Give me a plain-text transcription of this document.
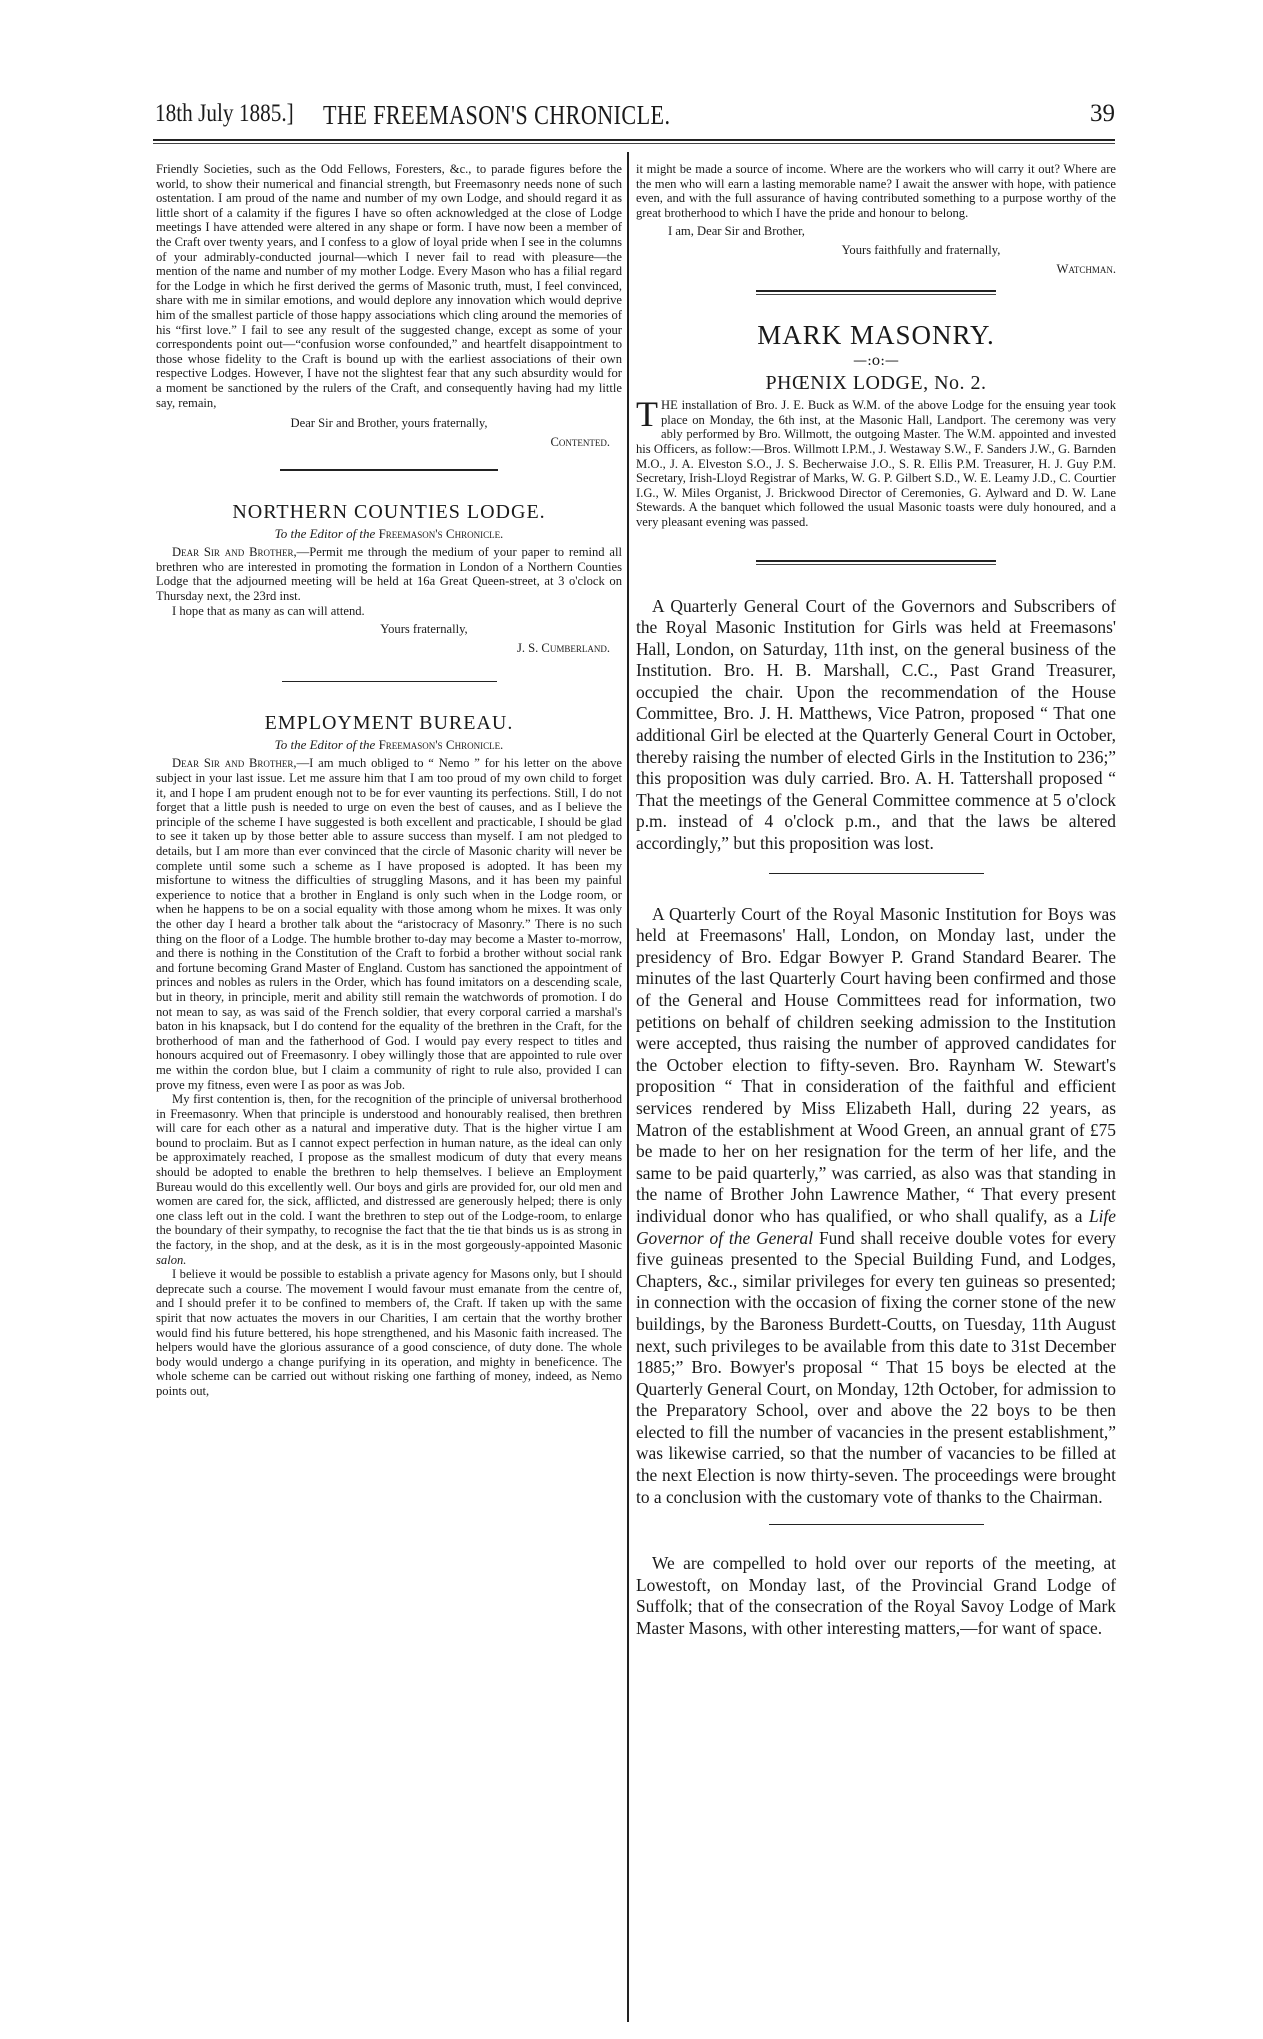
18th July 1885.] THE FREEMASON'S CHRONICLE.	39

Friendly Societies, such as the Odd Fellows, Foresters, &c., to parade figures before the world, to show their numerical and financial strength, but Freemasonry needs none of such ostentation. I am proud of the name and number of my own Lodge, and should regard it as little short of a calamity if the figures I have so often acknowledged at the close of Lodge meetings I have attended were altered in any shape or form. I have now been a member of the Craft over twenty years, and I confess to a glow of loyal pride when I see in the columns of your admirably-conducted journal—which I never fail to read with pleasure—the mention of the name and number of my mother Lodge. Every Mason who has a filial regard for the Lodge in which he first derived the germs of Masonic truth, must, I feel convinced, share with me in similar emotions, and would deplore any innovation which would deprive him of the smallest particle of those happy associations which cling around the memories of his “first love.” I fail to see any result of the suggested change, except as some of your correspondents point out—“confusion worse confounded,” and heartfelt disappointment to those whose fidelity to the Craft is bound up with the earliest associations of their own respective Lodges. However, I have not the slightest fear that any such absurdity would for a moment be sanctioned by the rulers of the Craft, and consequently having had my little say, remain,

Dear Sir and Brother, yours fraternally,

Contented.

NORTHERN COUNTIES LODGE.
To the Editor of the Freemason's Chronicle.

Dear Sir and Brother,—Permit me through the medium of your paper to remind all brethren who are interested in promoting the formation in London of a Northern Counties Lodge that the adjourned meeting will be held at 16a Great Queen-street, at 3 o'clock on Thursday next, the 23rd inst.

I hope that as many as can will attend.

Yours fraternally,

J. S. Cumberland.

EMPLOYMENT BUREAU.
To the Editor of the Freemason's Chronicle.

Dear Sir and Brother,—I am much obliged to “ Nemo ” for his letter on the above subject in your last issue. Let me assure him that I am too proud of my own child to forget it, and I hope I am prudent enough not to be for ever vaunting its perfections. Still, I do not forget that a little push is needed to urge on even the best of causes, and as I believe the principle of the scheme I have suggested is both excellent and practicable, I should be glad to see it taken up by those better able to assure success than myself. I am not pledged to details, but I am more than ever convinced that the circle of Masonic charity will never be complete until some such a scheme as I have proposed is adopted. It has been my misfortune to witness the difficulties of struggling Masons, and it has been my painful experience to notice that a brother in England is only such when in the Lodge room, or when he happens to be on a social equality with those among whom he mixes. It was only the other day I heard a brother talk about the “aristocracy of Masonry.” There is no such thing on the floor of a Lodge. The humble brother to-day may become a Master to-morrow, and there is nothing in the Constitution of the Craft to forbid a brother without social rank and fortune becoming Grand Master of England. Custom has sanctioned the appointment of princes and nobles as rulers in the Order, which has found imitators on a descending scale, but in theory, in principle, merit and ability still remain the watchwords of promotion. I do not mean to say, as was said of the French soldier, that every corporal carried a marshal's baton in his knapsack, but I do contend for the equality of the brethren in the Craft, for the brotherhood of man and the fatherhood of God. I would pay every respect to titles and honours acquired out of Freemasonry. I obey willingly those that are appointed to rule over me within the cordon blue, but I claim a community of right to rule also, provided I can prove my fitness, even were I as poor as was Job.

My first contention is, then, for the recognition of the principle of universal brotherhood in Freemasonry. When that principle is understood and honourably realised, then brethren will care for each other as a natural and imperative duty. That is the higher virtue I am bound to proclaim. But as I cannot expect perfection in human nature, as the ideal can only be approximately reached, I propose as the smallest modicum of duty that every means should be adopted to enable the brethren to help themselves. I believe an Employment Bureau would do this excellently well. Our boys and girls are provided for, our old men and women are cared for, the sick, afflicted, and distressed are generously helped; there is only one class left out in the cold. I want the brethren to step out of the Lodge-room, to enlarge the boundary of their sympathy, to recognise the fact that the tie that binds us is as strong in the factory, in the shop, and at the desk, as it is in the most gorgeously-appointed Masonic salon.

I believe it would be possible to establish a private agency for Masons only, but I should deprecate such a course. The movement I would favour must emanate from the centre of, and I should prefer it to be confined to members of, the Craft. If taken up with the same spirit that now actuates the movers in our Charities, I am certain that the worthy brother would find his future bettered, his hope strengthened, and his Masonic faith increased. The helpers would have the glorious assurance of a good conscience, of duty done. The whole body would undergo a change purifying in its operation, and mighty in beneficence. The whole scheme can be carried out without risking one farthing of money, indeed, as Nemo points out,

it might be made a source of income. Where are the workers who will carry it out? Where are the men who will earn a lasting memorable name? I await the answer with hope, with patience even, and with the full assurance of having contributed something to a purpose worthy of the great brotherhood to which I have the pride and honour to belong.

I am, Dear Sir and Brother,

Yours faithfully and fraternally,

Watchman.

MARK MASONRY.
—:o:—
PHŒNIX LODGE, No. 2.

THE installation of Bro. J. E. Buck as W.M. of the above Lodge for the ensuing year took place on Monday, the 6th inst, at the Masonic Hall, Landport. The ceremony was very ably performed by Bro. Willmott, the outgoing Master. The W.M. appointed and invested his Officers, as follow:—Bros. Willmott I.P.M., J. Westaway S.W., F. Sanders J.W., G. Barnden M.O., J. A. Elveston S.O., J. S. Becherwaise J.O., S. R. Ellis P.M. Treasurer, H. J. Guy P.M. Secretary, Irish-Lloyd Registrar of Marks, W. G. P. Gilbert S.D., W. E. Leamy J.D., C. Courtier I.G., W. Miles Organist, J. Brickwood Director of Ceremonies, G. Aylward and D. W. Lane Stewards. A the banquet which followed the usual Masonic toasts were duly honoured, and a very pleasant evening was passed.

A Quarterly General Court of the Governors and Subscribers of the Royal Masonic Institution for Girls was held at Freemasons' Hall, London, on Saturday, 11th inst, on the general business of the Institution. Bro. H. B. Marshall, C.C., Past Grand Treasurer, occupied the chair. Upon the recommendation of the House Committee, Bro. J. H. Matthews, Vice Patron, proposed “ That one additional Girl be elected at the Quarterly General Court in October, thereby raising the number of elected Girls in the Institution to 236;” this proposition was duly carried. Bro. A. H. Tattershall proposed “ That the meetings of the General Committee commence at 5 o'clock p.m. instead of 4 o'clock p.m., and that the laws be altered accordingly,” but this proposition was lost.

A Quarterly Court of the Royal Masonic Institution for Boys was held at Freemasons' Hall, London, on Monday last, under the presidency of Bro. Edgar Bowyer P. Grand Standard Bearer. The minutes of the last Quarterly Court having been confirmed and those of the General and House Committees read for information, two petitions on behalf of children seeking admission to the Institution were accepted, thus raising the number of approved candidates for the October election to fifty-seven. Bro. Raynham W. Stewart's proposition “ That in consideration of the faithful and efficient services rendered by Miss Elizabeth Hall, during 22 years, as Matron of the establishment at Wood Green, an annual grant of £75 be made to her on her resignation for the term of her life, and the same to be paid quarterly,” was carried, as also was that standing in the name of Brother John Lawrence Mather, “ That every present individual donor who has qualified, or who shall qualify, as a Life Governor of the General Fund shall receive double votes for every five guineas presented to the Special Building Fund, and Lodges, Chapters, &c., similar privileges for every ten guineas so presented; in connection with the occasion of fixing the corner stone of the new buildings, by the Baroness Burdett-Coutts, on Tuesday, 11th August next, such privileges to be available from this date to 31st December 1885;” Bro. Bowyer's proposal “ That 15 boys be elected at the Quarterly General Court, on Monday, 12th October, for admission to the Preparatory School, over and above the 22 boys to be then elected to fill the number of vacancies in the present establishment,” was likewise carried, so that the number of vacancies to be filled at the next Election is now thirty-seven. The proceedings were brought to a conclusion with the customary vote of thanks to the Chairman.

We are compelled to hold over our reports of the meeting, at Lowestoft, on Monday last, of the Provincial Grand Lodge of Suffolk; that of the consecration of the Royal Savoy Lodge of Mark Master Masons, with other interesting matters,—for want of space.
